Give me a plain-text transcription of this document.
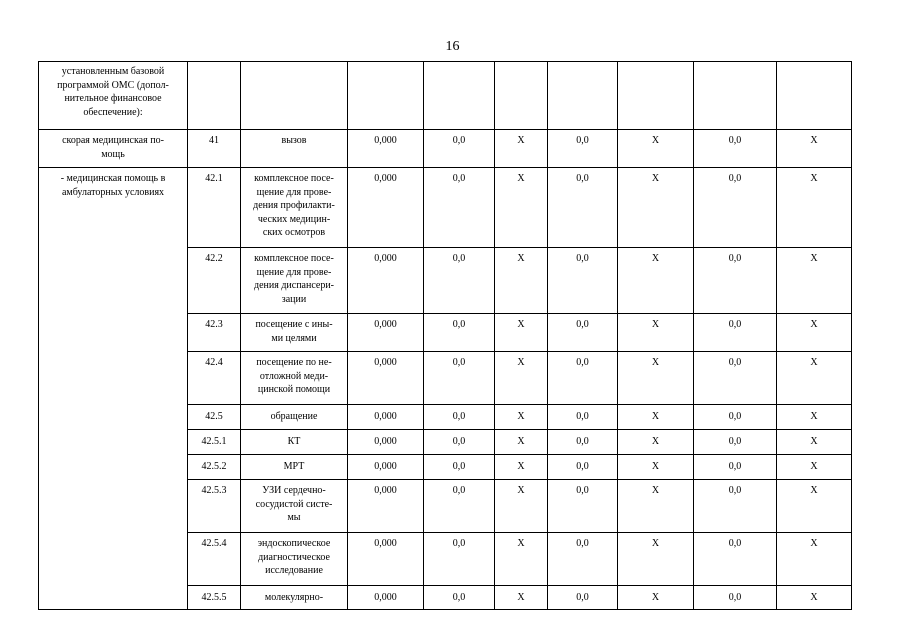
16
установленным базовой
программой ОМС (допол-
нительное финансовое
обеспечение):									
скорая медицинская по-
мощь	41	вызов	0,000	0,0	X	0,0	X	0,0	X
- медицинская помощь в
амбулаторных условиях	42.1	комплексное посе-
щение для прове-
дения профилакти-
ческих медицин-
ских осмотров	0,000	0,0	X	0,0	X	0,0	X
	42.2	комплексное посе-
щение для прове-
дения диспансери-
зации	0,000	0,0	X	0,0	X	0,0	X
	42.3	посещение с ины-
ми целями	0,000	0,0	X	0,0	X	0,0	X
	42.4	посещение по не-
отложной меди-
цинской помощи	0,000	0,0	X	0,0	X	0,0	X
	42.5	обращение	0,000	0,0	X	0,0	X	0,0	X
	42.5.1	КТ	0,000	0,0	X	0,0	X	0,0	X
	42.5.2	МРТ	0,000	0,0	X	0,0	X	0,0	X
	42.5.3	УЗИ сердечно-
сосудистой систе-
мы	0,000	0,0	X	0,0	X	0,0	X
	42.5.4	эндоскопическое
диагностическое
исследование	0,000	0,0	X	0,0	X	0,0	X
	42.5.5	молекулярно-	0,000	0,0	X	0,0	X	0,0	X
